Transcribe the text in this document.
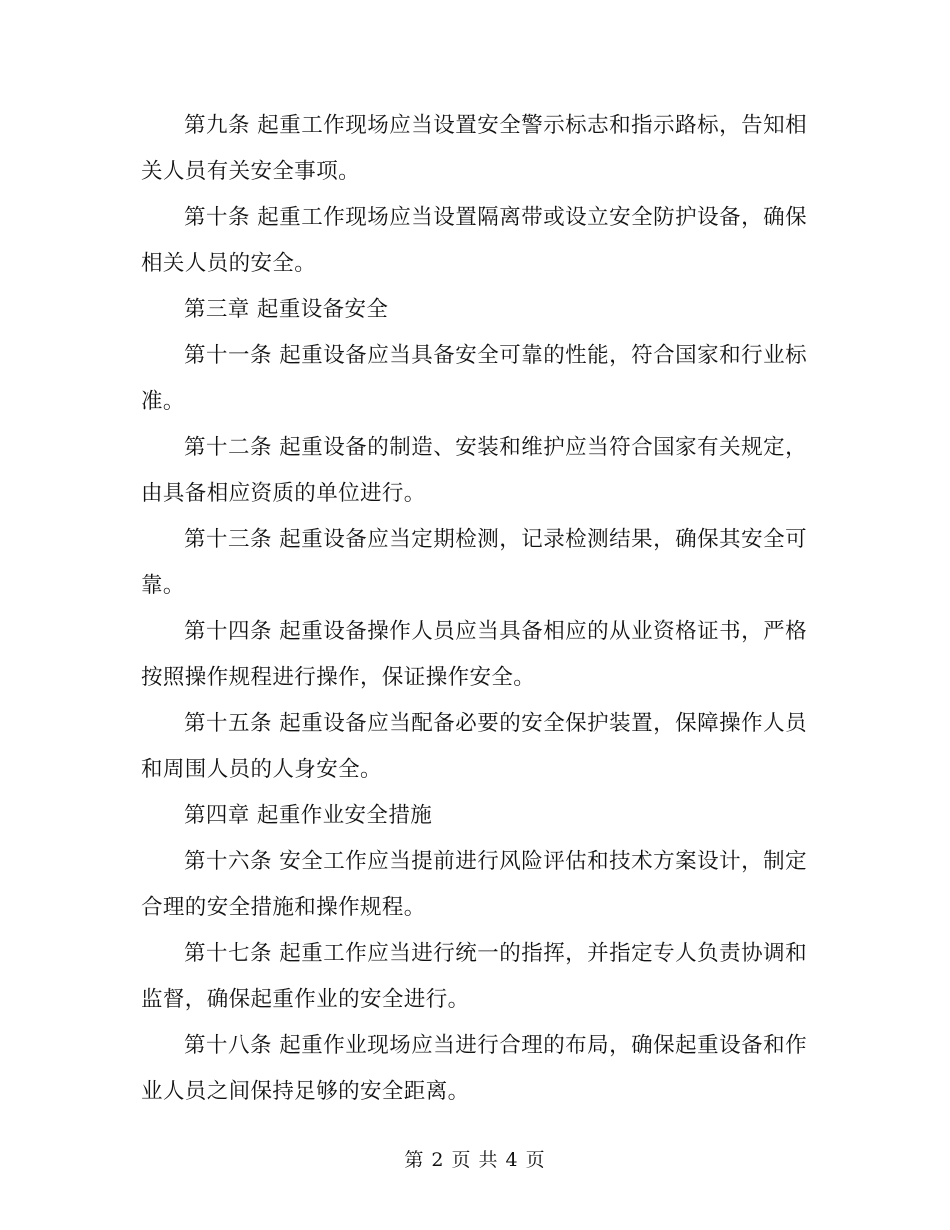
第九条 起重工作现场应当设置安全警示标志和指示路标，告知相关人员有关安全事项。

第十条 起重工作现场应当设置隔离带或设立安全防护设备，确保相关人员的安全。

第三章 起重设备安全

第十一条 起重设备应当具备安全可靠的性能，符合国家和行业标准。

第十二条 起重设备的制造、安装和维护应当符合国家有关规定，由具备相应资质的单位进行。

第十三条 起重设备应当定期检测，记录检测结果，确保其安全可靠。

第十四条 起重设备操作人员应当具备相应的从业资格证书，严格按照操作规程进行操作，保证操作安全。

第十五条 起重设备应当配备必要的安全保护装置，保障操作人员和周围人员的人身安全。

第四章 起重作业安全措施

第十六条 安全工作应当提前进行风险评估和技术方案设计，制定合理的安全措施和操作规程。

第十七条 起重工作应当进行统一的指挥，并指定专人负责协调和监督，确保起重作业的安全进行。

第十八条 起重作业现场应当进行合理的布局，确保起重设备和作业人员之间保持足够的安全距离。

第 2 页 共 4 页
